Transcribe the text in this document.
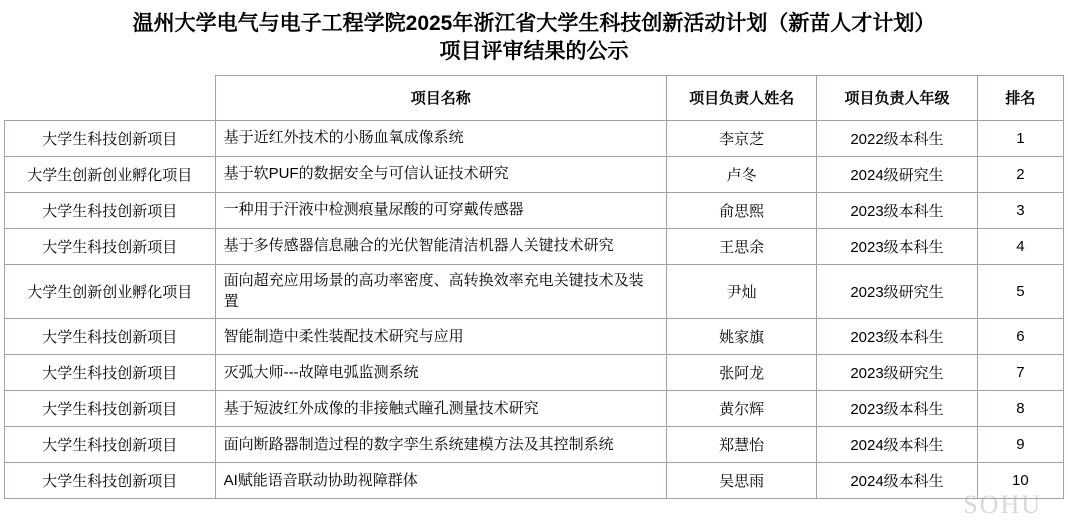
温州大学电气与电子工程学院2025年浙江省大学生科技创新活动计划（新苗人才计划）
项目评审结果的公示
	项目名称	项目负责人姓名	项目负责人年级	排名
大学生科技创新项目	基于近红外技术的小肠血氧成像系统	李京芝	2022级本科生	1
大学生创新创业孵化项目	基于软PUF的数据安全与可信认证技术研究	卢冬	2024级研究生	2
大学生科技创新项目	一种用于汗液中检测痕量尿酸的可穿戴传感器	俞思熙	2023级本科生	3
大学生科技创新项目	基于多传感器信息融合的光伏智能清洁机器人关键技术研究	王思余	2023级本科生	4
大学生创新创业孵化项目	面向超充应用场景的高功率密度、高转换效率充电关键技术及装置	尹灿	2023级研究生	5
大学生科技创新项目	智能制造中柔性装配技术研究与应用	姚家旗	2023级本科生	6
大学生科技创新项目	灭弧大师---故障电弧监测系统	张阿龙	2023级研究生	7
大学生科技创新项目	基于短波红外成像的非接触式瞳孔测量技术研究	黄尔辉	2023级本科生	8
大学生科技创新项目	面向断路器制造过程的数字孪生系统建模方法及其控制系统	郑慧怡	2024级本科生	9
大学生科技创新项目	AI赋能语音联动协助视障群体	吴思雨	2024级本科生	10
SOHU
